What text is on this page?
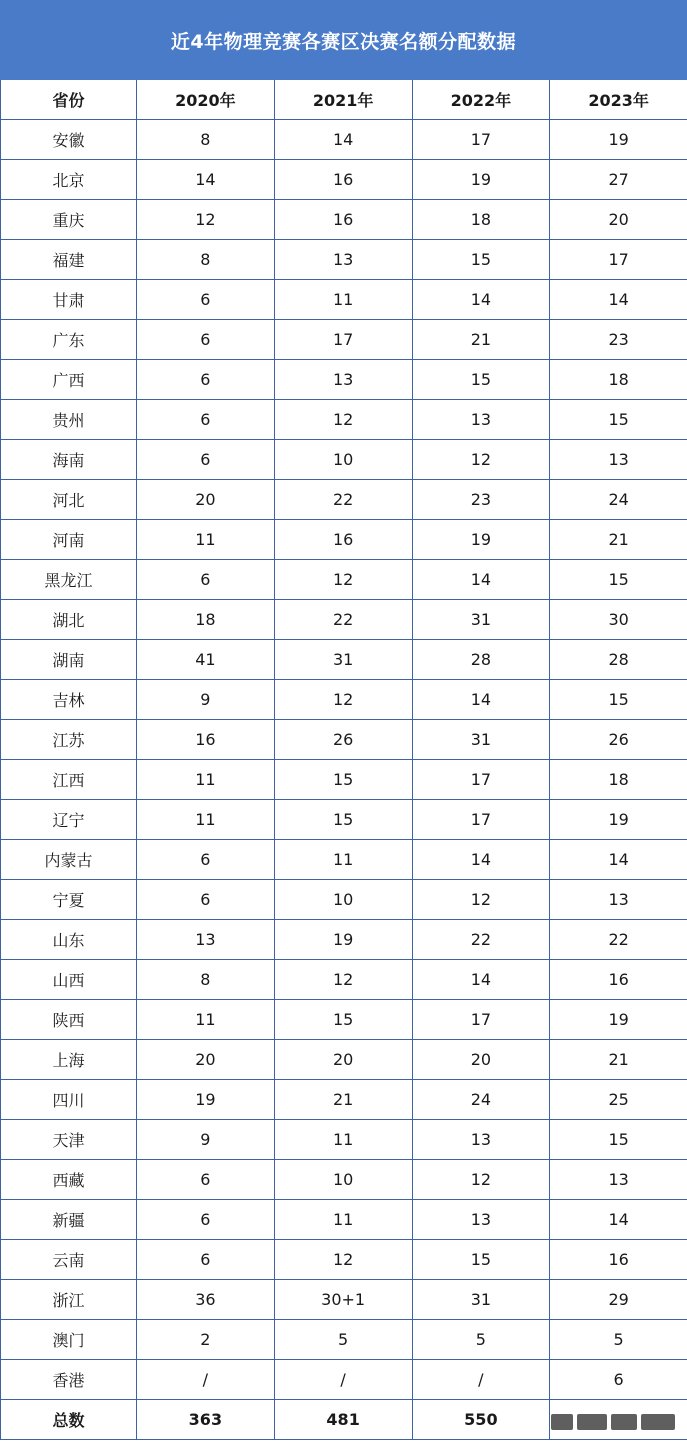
近4年物理竞赛各赛区决赛名额分配数据
省份	2020年	2021年	2022年	2023年
安徽	8	14	17	19
北京	14	16	19	27
重庆	12	16	18	20
福建	8	13	15	17
甘肃	6	11	14	14
广东	6	17	21	23
广西	6	13	15	18
贵州	6	12	13	15
海南	6	10	12	13
河北	20	22	23	24
河南	11	16	19	21
黑龙江	6	12	14	15
湖北	18	22	31	30
湖南	41	31	28	28
吉林	9	12	14	15
江苏	16	26	31	26
江西	11	15	17	18
辽宁	11	15	17	19
内蒙古	6	11	14	14
宁夏	6	10	12	13
山东	13	19	22	22
山西	8	12	14	16
陕西	11	15	17	19
上海	20	20	20	21
四川	19	21	24	25
天津	9	11	13	15
西藏	6	10	12	13
新疆	6	11	13	14
云南	6	12	15	16
浙江	36	30+1	31	29
澳门	2	5	5	5
香港	/	/	/	6
总数	363	481	550	
